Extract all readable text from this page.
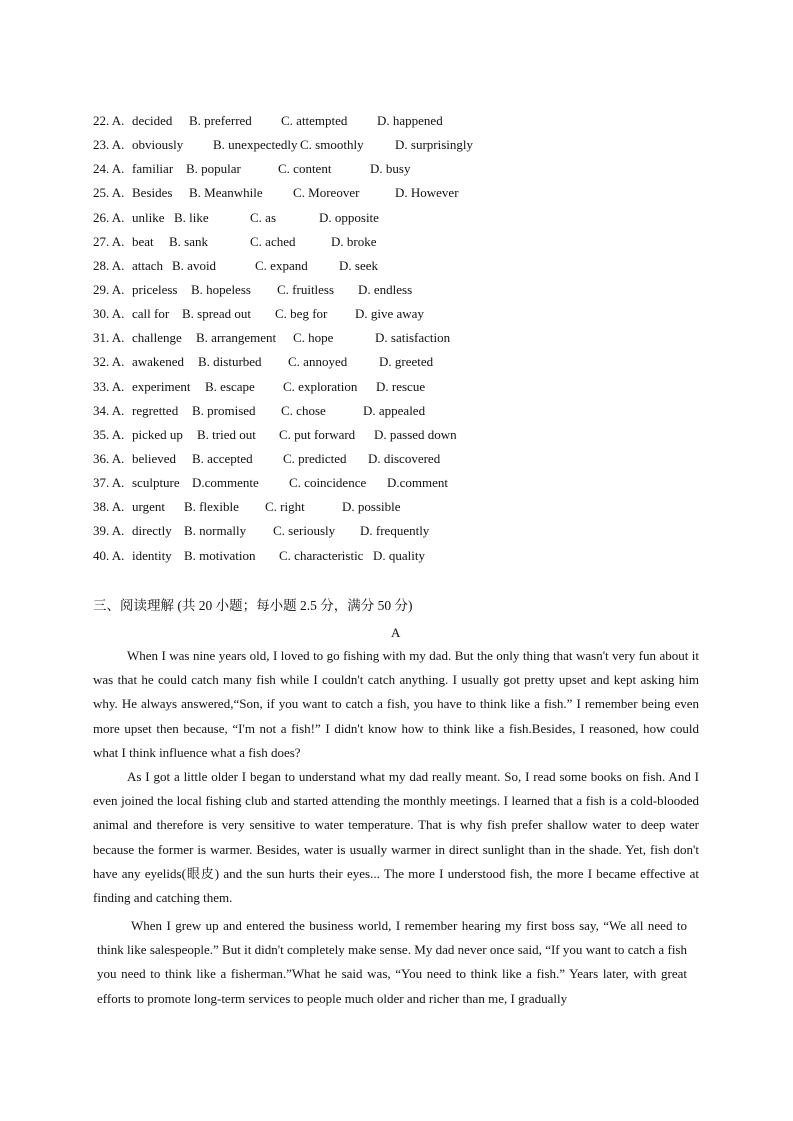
22. A. decided B. preferred C. attempted D. happened
23. A. obviously B. unexpectedly C. smoothly D. surprisingly
24. A. familiar B. popular	C. content	D. busy
25. A. Besides B. Meanwhile C. Moreover	D. However
26. A. unlike B. like	C. as	D. opposite
27. A. beat B. sank	C. ached	D. broke
28. A. attach B. avoid	C. expand D. seek
29. A. priceless B. hopeless C. fruitless D. endless
30. A. call for B. spread out C. beg for D. give away
31. A. challenge B. arrangement C. hope	D. satisfaction
32. A. awakened B. disturbed C. annoyed D. greeted
33. A. experiment B. escape C. exploration D. rescue
34. A. regretted B. promised C. chose	D. appealed
35. A. picked up B. tried out C. put forward D. passed down
36. A. believed B. accepted C. predicted D. discovered
37. A. sculpture D.commente C. coincidence D.comment
38. A. urgent B. flexible C. right	D. possible
39. A. directly B. normally C. seriously D. frequently
40. A. identity B. motivation C. characteristic D. quality
三、阅读理解 (共 20 小题；每小题 2.5 分，满分 50 分)
A

When I was nine years old, I loved to go fishing with my dad. But the only thing that wasn't very fun about it was that he could catch many fish while I couldn't catch anything. I usually got pretty upset and kept asking him why. He always answered,“Son, if you want to catch a fish, you have to think like a fish.” I remember being even more upset then because, “I'm not a fish!” I didn't know how to think like a fish.Besides, I reasoned, how could what I think influence what a fish does?

As I got a little older I began to understand what my dad really meant. So, I read some books on fish. And I even joined the local fishing club and started attending the monthly meetings. I learned that a fish is a cold-blooded animal and therefore is very sensitive to water temperature. That is why fish prefer shallow water to deep water because the former is warmer. Besides, water is usually warmer in direct sunlight than in the shade. Yet, fish don't have any eyelids(眼皮) and the sun hurts their eyes... The more I understood fish, the more I became effective at finding and catching them.

When I grew up and entered the business world, I remember hearing my first boss say, “We all need to think like salespeople.” But it didn't completely make sense. My dad never once said, “If you want to catch a fish you need to think like a fisherman.”What he said was, “You need to think like a fish.” Years later, with great efforts to promote long-term services to people much older and richer than me, I gradually
